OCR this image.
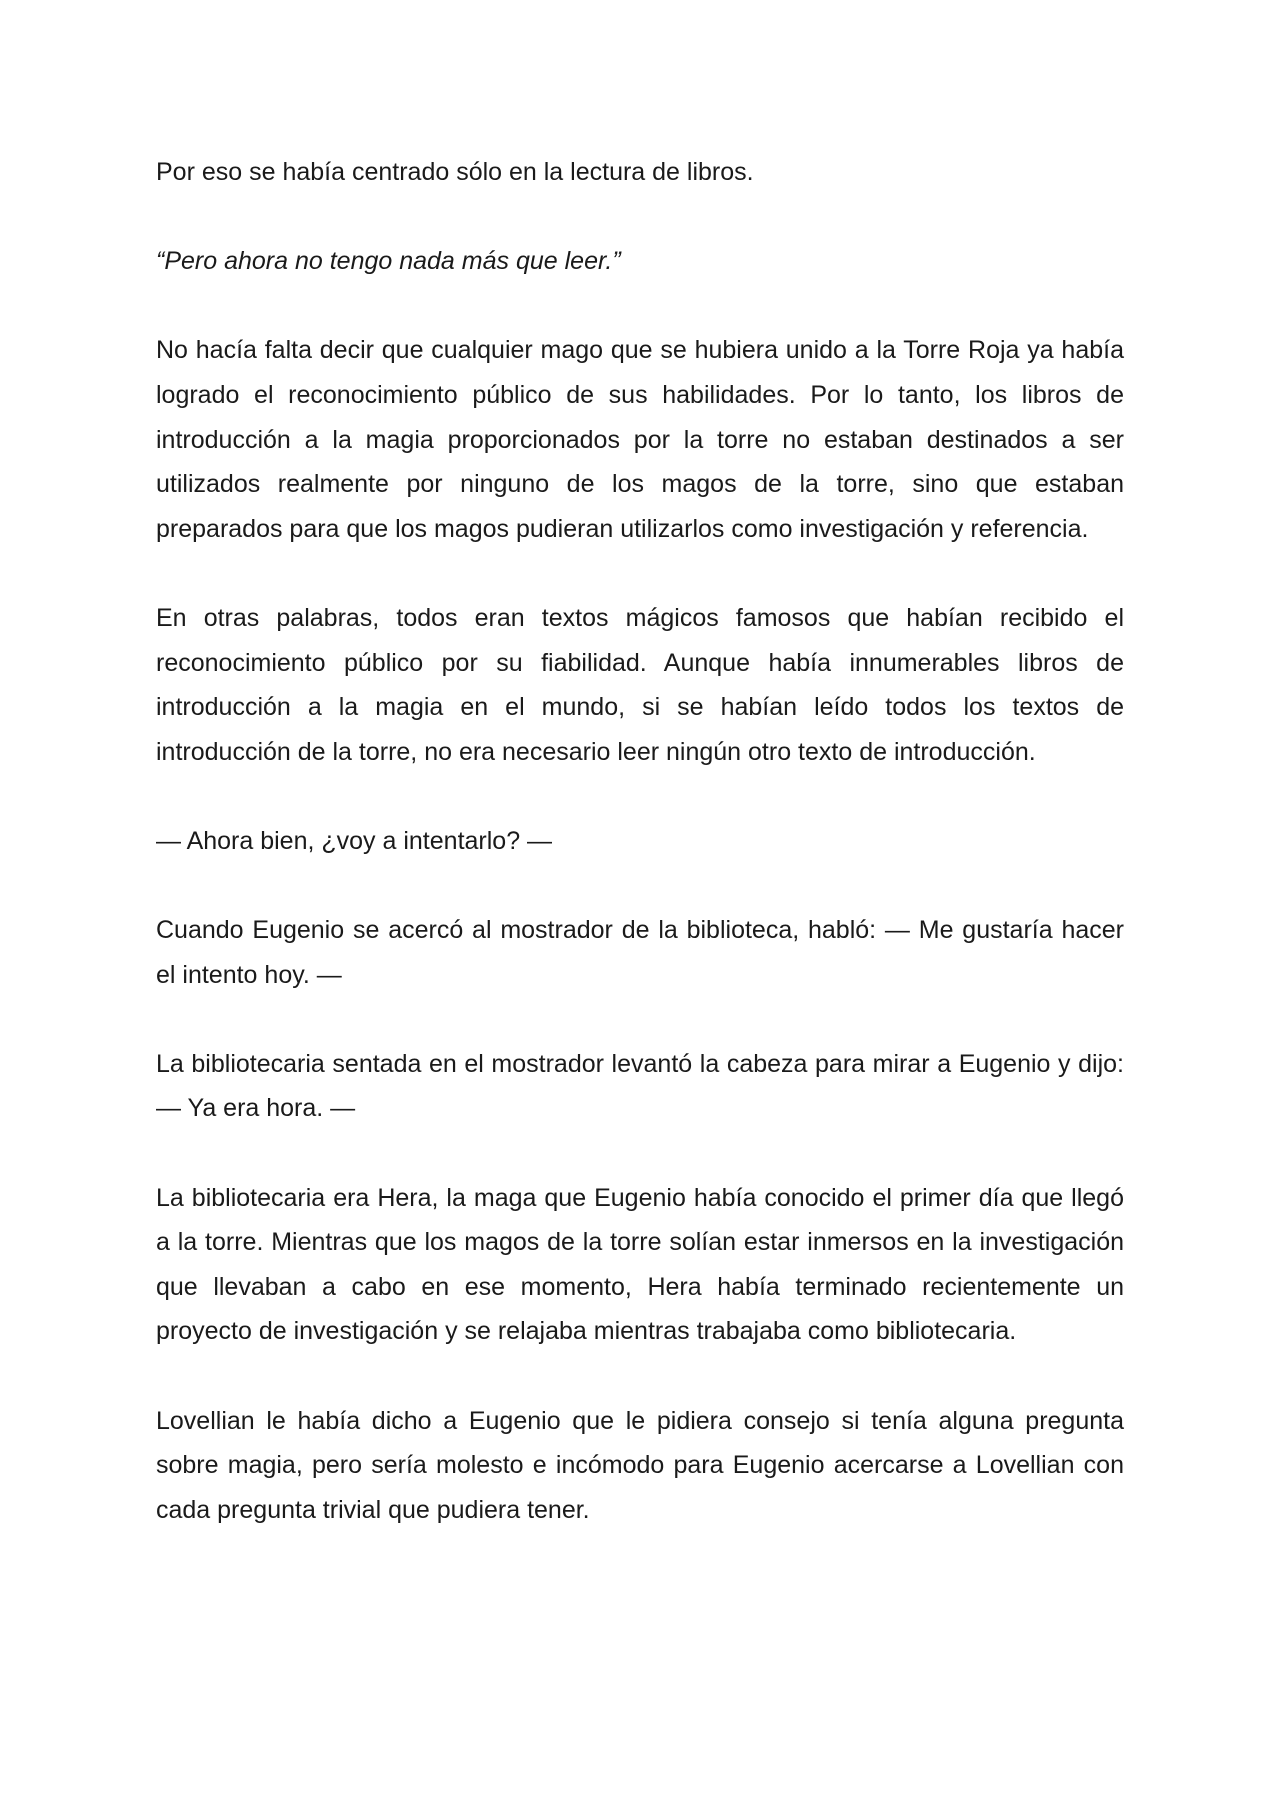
Por eso se había centrado sólo en la lectura de libros.

“Pero ahora no tengo nada más que leer.”

No hacía falta decir que cualquier mago que se hubiera unido a la Torre Roja ya había logrado el reconocimiento público de sus habilidades. Por lo tanto, los libros de introducción a la magia proporcionados por la torre no estaban destinados a ser utilizados realmente por ninguno de los magos de la torre, sino que estaban preparados para que los magos pudieran utilizarlos como investigación y referencia.

En otras palabras, todos eran textos mágicos famosos que habían recibido el reconocimiento público por su fiabilidad. Aunque había innumerables libros de introducción a la magia en el mundo, si se habían leído todos los textos de introducción de la torre, no era necesario leer ningún otro texto de introducción.

— Ahora bien, ¿voy a intentarlo? —

Cuando Eugenio se acercó al mostrador de la biblioteca, habló: — Me gustaría hacer el intento hoy. —

La bibliotecaria sentada en el mostrador levantó la cabeza para mirar a Eugenio y dijo: — Ya era hora. —

La bibliotecaria era Hera, la maga que Eugenio había conocido el primer día que llegó a la torre. Mientras que los magos de la torre solían estar inmersos en la investigación que llevaban a cabo en ese momento, Hera había terminado recientemente un proyecto de investigación y se relajaba mientras trabajaba como bibliotecaria.

Lovellian le había dicho a Eugenio que le pidiera consejo si tenía alguna pregunta sobre magia, pero sería molesto e incómodo para Eugenio acercarse a Lovellian con cada pregunta trivial que pudiera tener.
